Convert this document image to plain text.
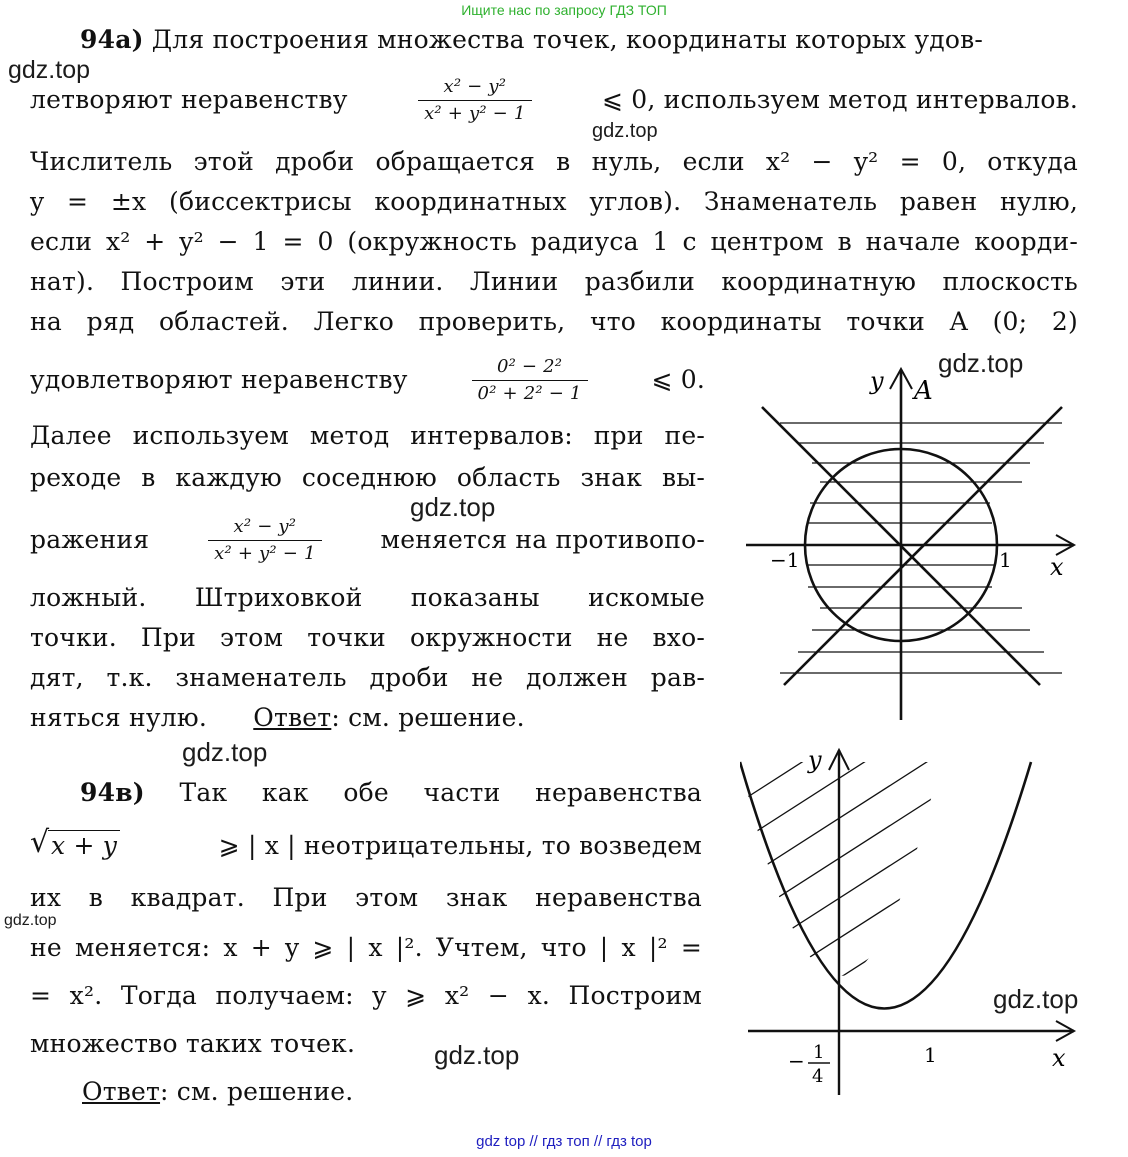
Ищите нас по запросу ГДЗ ТОП
gdz.top
gdz.top
gdz.top
gdz.top
gdz.top
gdz.top
gdz.top
gdz.top
94а) Для построения множества точек, координаты которых удов-
летворяют неравенству	$\frac{\text{x² − y²}}{\text{x² + y² − 1}}$	⩽ 0, используем метод интервалов.
Числитель этой дроби обращается в нуль, если x² − y² = 0, откуда
y = ±x (биссектрисы координатных углов). Знаменатель равен нулю,
если x² + y² − 1 = 0 (окружность радиуса 1 с центром в начале коорди-
нат). Построим эти линии. Линии разбили координатную плоскость
на ряд областей. Легко проверить, что координаты точки A (0; 2)
удовлетворяют неравенству	$\frac{\text{0² − 2²}}{\text{0² + 2² − 1}}$	⩽ 0.
Далее используем метод интервалов: при пе-
реходе в каждую соседнюю область знак вы-
ражения	$\frac{\text{x² − y²}}{\text{x² + y² − 1}}$ меняется на противопо-
ложный. Штриховкой показаны искомые
точки. При этом точки окружности не вхо-
дят, т.к. знаменатель дроби не должен рав-
няться нулю. Ответ: см. решение.
94в) Так как обе части неравенства
√ x + y	⩾ | x | неотрицательны, то возведем
их в квадрат. При этом знак неравенства
не меняется: x + y ⩾ | x |². Учтем, что | x |² =
= x². Тогда получаем: y ⩾ x² − x. Построим
множество таких точек.
Ответ: см. решение.
y A
x
−1	1
y
x
− 1
4
1
gdz top // гдз топ // гдз top
